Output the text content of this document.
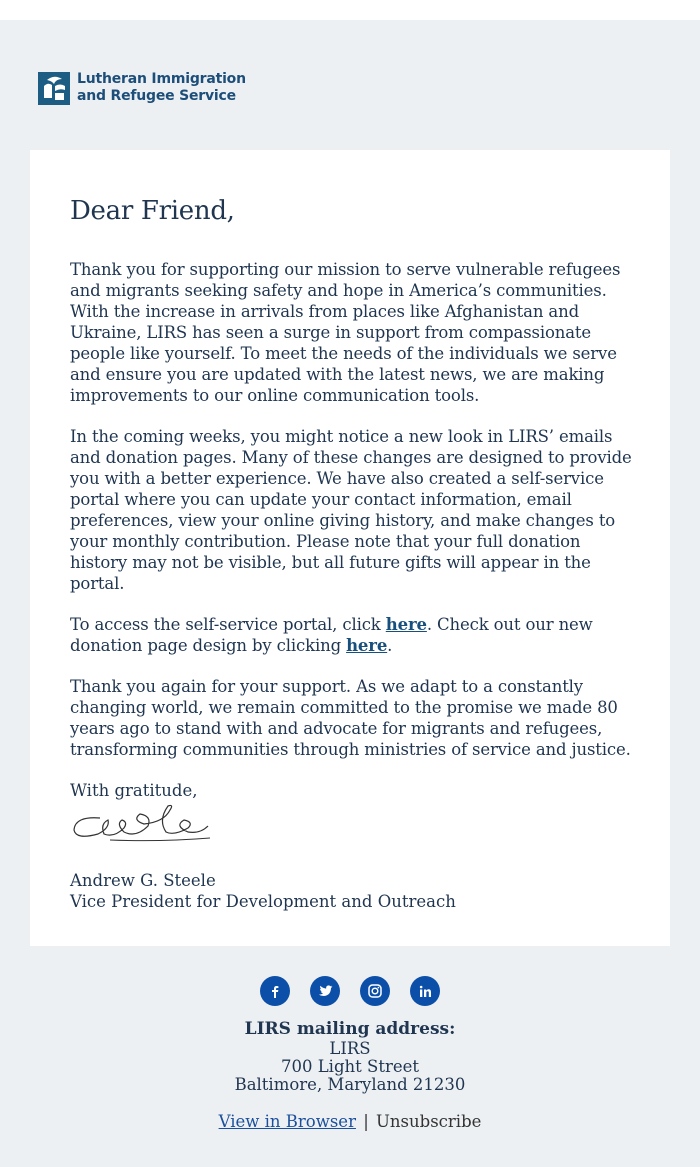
Lutheran Immigration
and Refugee Service
Dear Friend,

Thank you for supporting our mission to serve vulnerable refugees and migrants seeking safety and hope in America’s communities. With the increase in arrivals from places like Afghanistan and Ukraine, LIRS has seen a surge in support from compassionate people like yourself. To meet the needs of the individuals we serve and ensure you are updated with the latest news, we are making improvements to our online communication tools.

In the coming weeks, you might notice a new look in LIRS’ emails and donation pages. Many of these changes are designed to provide you with a better experience. We have also created a self-service portal where you can update your contact information, email preferences, view your online giving history, and make changes to your monthly contribution. Please note that your full donation history may not be visible, but all future gifts will appear in the portal.

To access the self-service portal, click here. Check out our new donation page design by clicking here.

Thank you again for your support. As we adapt to a constantly changing world, we remain committed to the promise we made 80 years ago to stand with and advocate for migrants and refugees, transforming communities through ministries of service and justice.

With gratitude,

Andrew G. Steele
Vice President for Development and Outreach

LIRS mailing address:

LIRS

700 Light Street

Baltimore, Maryland 21230

View in Browser | Unsubscribe
